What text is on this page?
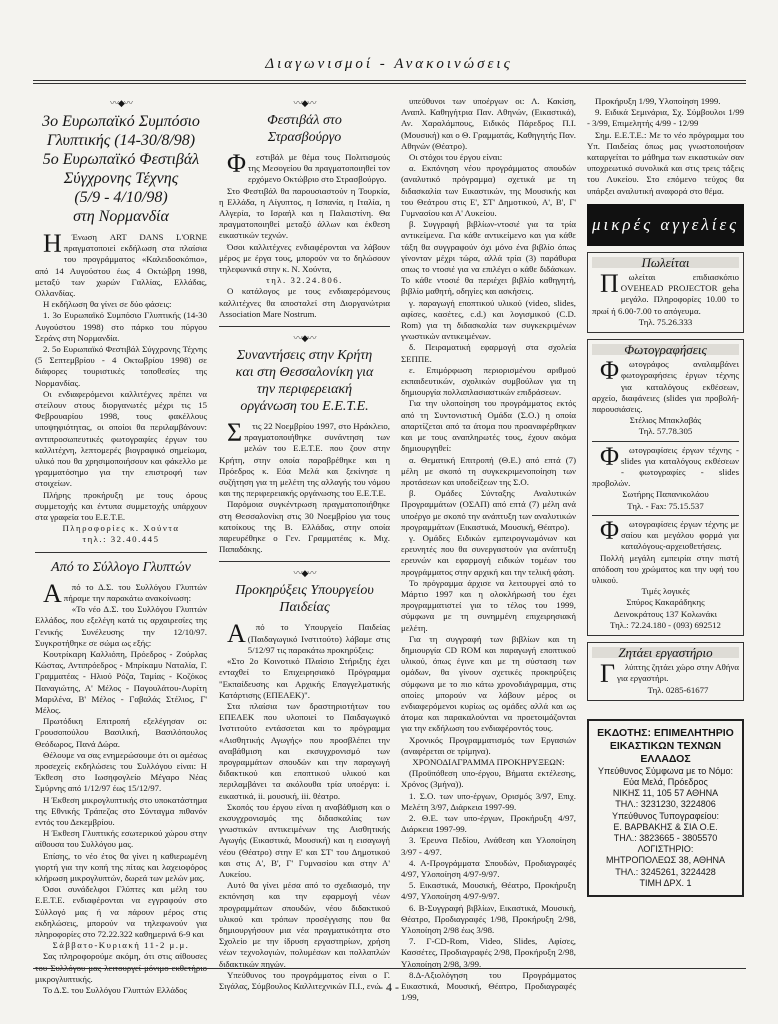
Διαγωνισμοί - Ανακοινώσεις
〰◆〰
3ο Ευρωπαϊκό Συμπόσιο
Γλυπτικής (14-30/8/98)
5ο Ευρωπαϊκό Φεστιβάλ
Σύγχρονης Τέχνης
(5/9 - 4/10/98)
στη Νορμανδία

ΗΈνωση ART DANS L'ORNE πραγματοποιεί εκδήλωση στα πλαίσια του προγράμματος «Καλειδοσκόπιο», από 14 Αυγούστου έως 4 Οκτώβρη 1998, μεταξύ των χωρών Γαλλίας, Ελλάδας, Ολλανδίας.

Η εκδήλωση θα γίνει σε δύο φάσεις:

1. 3ο Ευρωπαϊκό Συμπόσιο Γλυπτικής (14-30 Αυγούστου 1998) στο πάρκο του πύργου Σεράνς στη Νορμανδία.

2. 5ο Ευρωπαϊκό Φεστιβάλ Σύγχρονης Τέχνης (5 Σεπτεμβρίου - 4 Οκτωβρίου 1998) σε διάφορες τουριστικές τοποθεσίες της Νορμανδίας.

Οι ενδιαφερόμενοι καλλιτέχνες πρέπει να στείλουν στους διοργανωτές μέχρι τις 15 Φεβρουαρίου 1998, τους φακέλλους υποψηφιότητας, οι οποίοι θα περιλαμβάνουν: αντιπροσωπευτικές φωτογραφίες έργων του καλλιτέχνη, λεπτομερές βιογραφικό σημείωμα, υλικό που θα χρησιμοποιήσουν και φάκελλο με γραμματόσημο για την επιστροφή των στοιχείων.

Πλήρης προκήρυξη με τους όρους συμμετοχής και έντυπα συμμετοχής υπάρχουν στα γραφεία του Ε.Ε.Τ.Ε.

Πληροφορίες κ. Χούντα

τηλ.: 32.40.445

Από το Σύλλογο Γλυπτών

Από το Δ.Σ. του Συλλόγου Γλυπτών πήραμε την παρακάτω ανακοίνωση:

«Το νέο Δ.Σ. του Συλλόγου Γλυπτών Ελλάδος, που εξελέγη κατά τις αρχαιρεσίες της Γενικής Συνέλευσης την 12/10/97. Συγκροτήθηκε σε σώμα ως εξής:

Κουτρίκαρη Καλλιόπη, Πρόεδρος - Ζούρλας Κώστας, Αντιπρόεδρος - Μπρίκαμυ Ναταλία, Γ. Γραμματέας - Ηλιού Ρόζα, Ταμίας - Κοζόκος Παναγιώτης, Α' Μέλος - Παγουλάτου-Λυρίτη Μαριλένα, Β' Μέλος - Γαβαλάς Στέλιος, Γ' Μέλος.

Πρωτόδικη Επιτροπή εξελέγησαν οι: Γρουσοπούλου Βασιλική, Βασιλόπουλος Θεόδωρος, Πανά Δώρα.

Θέλουμε να σας ενημερώσουμε ότι οι αμέσως προσεχείς εκδηλώσεις του Συλλόγου είναι: Η Έκθεση στο Ιωσηφογλείο Μέγαρο Νέας Σμύρνης από 1/12/97 έως 15/12/97.

Η Έκθεση μικρογλυπτικής στο υποκατάστημα της Εθνικής Τράπεζας στο Σύνταγμα πιθανόν εντός του Δεκεμβρίου.

Η Έκθεση Γλυπτικής εσωτερικού χώρου στην αίθουσα του Συλλόγου μας.

Επίσης, το νέο έτος θα γίνει η καθιερωμένη γιορτή για την κοπή της πίτας και λαχειοφόρος κλήρωση μικρογλυπτών, δωρεά των μελών μας.

Όσοι συνάδελφοι Γλύπτες και μέλη του Ε.Ε.Τ.Ε. ενδιαφέρονται να εγγραφούν στο Σύλλογό μας ή να πάρουν μέρος στις εκδηλώσεις, μπορούν να τηλεφωνούν για πληροφορίες στο 72.22.322 καθημερινά 6-9 και

Σάββατο-Κυριακή 11-2 μ.μ.

Σας πληροφορούμε ακόμη, ότι στις αίθουσες του Συλλόγου μας λειτουργεί μόνιμο εκθετήριο μικρογλυπτικής.

Το Δ.Σ. του Συλλόγου Γλυπτών Ελλάδος

〰◆〰
Φεστιβάλ στο
Στρασβούργο

Φεστιβάλ με θέμα τους Πολιτισμούς της Μεσογείου θα πραγματοποιηθεί τον ερχόμενο Οκτώβριο στο Στρασβούργο.

Στο Φεστιβάλ θα παρουσιαστούν η Τουρκία, η Ελλάδα, η Αίγυπτος, η Ισπανία, η Ιταλία, η Αλγερία, το Ισραήλ και η Παλαιστίνη. Θα πραγματοποιηθεί μεταξύ άλλων και έκθεση εικαστικών τεχνών.

Όσοι καλλιτέχνες ενδιαφέρονται να λάβουν μέρος με έργα τους, μπορούν να το δηλώσουν τηλεφωνικά στην κ. Ν. Χούντα,

τηλ. 32.24.806.

Ο κατάλογος με τους ενδιαφερόμενους καλλιτέχνες θα αποσταλεί στη Διοργανώτρια Association Mare Nostrum.

〰◆〰
Συναντήσεις στην Κρήτη
και στη Θεσσαλονίκη για
την περιφερειακή
οργάνωση του Ε.Ε.Τ.Ε.

Στις 22 Νοεμβρίου 1997, στο Ηράκλειο, πραγματοποιήθηκε συνάντηση των μελών του Ε.Ε.Τ.Ε. που ζουν στην Κρήτη, στην οποία παραβρέθηκε και η Πρόεδρος κ. Εύα Μελά και ξεκίνησε η συζήτηση για τη μελέτη της αλλαγής του νόμου και της περιφερειακής οργάνωσης του Ε.Ε.Τ.Ε.

Παρόμοια συγκέντρωση πραγματοποιήθηκε στη Θεσσαλονίκη στις 30 Νοεμβρίου για τους κατοίκους της Β. Ελλάδας, στην οποία παρευρέθηκε ο Γεν. Γραμματέας κ. Μιχ. Παπαδάκης.

〰◆〰
Προκηρύξεις Υπουργείου
Παιδείας

Από το Υπουργείο Παιδείας (Παιδαγωγικό Ινστιτούτο) λάβαμε στις 5/12/97 τις παρακάτω προκηρύξεις:

«Στο 2ο Κοινοτικό Πλαίσιο Στήριξης έχει ενταχθεί το Επιχειρησιακό Πρόγραμμα "Εκπαίδευσης και Αρχικής Επαγγελματικής Κατάρτισης (ΕΠΕΑΕΚ)".

Στα πλαίσια των δραστηριοτήτων του ΕΠΕΑΕΚ που υλοποιεί το Παιδαγωγικό Ινστιτούτο εντάσσεται και το πρόγραμμα «Αισθητικής Αγωγής» που προσβλέπει την αναβάθμιση και εκσυγχρονισμό των προγραμμάτων σπουδών και την παραγωγή διδακτικού και εποπτικού υλικού και περιλαμβάνει τα ακόλουθα τρία υποέργα: i. εικαστικά, ii. μουσική, iii. θέατρο.

Σκοπός του έργου είναι η αναβάθμιση και ο εκσυγχρονισμός της διδασκαλίας των γνωστικών αντικειμένων της Αισθητικής Αγωγής (Εικαστικά, Μουσική) και η εισαγωγή νέου (Θέατρο) στην Ε' και ΣΤ' του Δημοτικού και στις Α', Β', Γ' Γυμνασίου και στην Α' Λυκείου.

Αυτό θα γίνει μέσα από το σχεδιασμό, την εκπόνηση και την εφαρμογή νέων προγραμμάτων σπουδών, νέου διδακτικού υλικού και τρόπων προσέγγισης που θα δημιουργήσουν μια νέα πραγματικότητα στο Σχολείο με την ίδρυση εργαστηρίων, χρήση νέων τεχνολογιών, πολυμέσων και πολλαπλών διδακτικών πηγών.

Υπεύθυνος του προγράμματος είναι ο Γ. Σιγάλας, Σύμβουλος Καλλιτεχνικών Π.Ι., ενώ

υπεύθυνοι των υποέργων οι: Λ. Κακίση, Αναπλ. Καθηγήτρια Παν. Αθηνών, (Εικαστικά), Αν. Χαραλάμπους, Ειδικός Πάρεδρος Π.Ι. (Μουσική) και ο Θ. Γραμματάς, Καθηγητής Παν. Αθηνών (Θέατρο).

Οι στόχοι του έργου είναι:

α. Εκπόνηση νέου προγράμματος σπουδών (αναλυτικό πρόγραμμα) σχετικά με τη διδασκαλία των Εικαστικών, της Μουσικής και του Θεάτρου στις Ε', ΣΤ' Δημοτικού, Α', Β', Γ' Γυμνασίου και Α' Λυκείου.

β. Συγγραφή βιβλίων-ντοσιέ για τα τρία αντικείμενα. Για κάθε αντικείμενο και για κάθε τάξη θα συγγραφούν όχι μόνο ένα βιβλίο όπως γίνονταν μέχρι τώρα, αλλά τρία (3) παράθυρα οπως το ντοσιέ για να επιλέγει ο κάθε διδάσκων. Το κάθε ντοσιέ θα περιέχει βιβλίο καθηγητή, βιβλίο μαθητή, οδηγίες και ασκήσεις.

γ. παραγωγή εποπτικού υλικού (video, slides, αφίσες, κασέτες, c.d.) και λογισμικού (C.D. Rom) για τη διδασκαλία των συγκεκριμένων γνωστικών αντικειμένων.

δ. Πειραματική εφαρμογή στα σχολεία ΣΕΠΠΕ.

ε. Επιμόρφωση περιορισμένου αριθμού εκπαιδευτικών, σχολικών συμβούλων για τη δημιουργία πολλαπλασιαστικών επιδράσεων.

Για την υλοποίηση του προγράμματος εκτός από τη Συντονιστική Ομάδα (Σ.Ο.) η οποία απαρτίζεται από τα άτομα που προαναφέρθηκαν και με τους αναπληρωτές τους, έχουν ακόμα δημιουργηθεί:

α. Θεματική Επιτροπή (Θ.Ε.) από επτά (7) μέλη με σκοπό τη συγκεκριμενοποίηση των προτάσεων και υποδείξεων της Σ.Ο.

β. Ομάδες Σύνταξης Αναλυτικών Προγραμμάτων (ΟΣΑΠ) από επτά (7) μέλη ανά υποέργο με σκοπό την ανάπτυξη των αναλυτικών προγραμμάτων (Εικαστικά, Μουσική, Θέατρο).

γ. Ομάδες Ειδικών εμπειρογνωμόνων και ερευνητές που θα συνεργαστούν για ανάπτυξη ερευνών και εφαρμογή ειδικών τομέων του προγράμματος στην αρχική και την τελική φάση.

Το πρόγραμμα άρχισε να λειτουργεί από το Μάρτιο 1997 και η ολοκλήρωσή του έχει προγραμματιστεί για το τέλος του 1999, σύμφωνα με τη συνημμένη επιχειρησιακή μελέτη.

Για τη συγγραφή των βιβλίων και τη δημιουργία CD ROM και παραγωγή εποπτικού υλικού, όπως έγινε και με τη σύσταση των ομάδων, θα γίνουν σχετικές προκηρύξεις σύμφωνα με το πιο κάτω χρονοδιάγραμμα, στις οποίες μπορούν να λάβουν μέρος οι ενδιαφερόμενοι κυρίως ως ομάδες αλλά και ως άτομα και παρακαλούνται να προετοιμάζονται για την εκδήλωση του ενδιαφέροντός τους.

Χρονικός Προγραμματισμός των Εργασιών (αναφέρεται σε τρίμηνα).

ΧΡΟΝΟΔΙΑΓΡΑΜΜΑ ΠΡΟΚΗΡΥΞΕΩΝ:

(Προϋπόθεση υπο-έργου, Βήματα εκτέλεσης, Χρόνος (3μήνα)).

1. Σ.Ο. των υπο-έργων, Ορισμός 3/97, Επιχ. Μελέτη 3/97, Διάρκεια 1997-99.

2. Θ.Ε. των υπο-έργων, Προκήρυξη 4/97, Διάρκεια 1997-99.

3. Έρευνα Πεδίου, Ανάθεση και Υλοποίηση 3/97 - 4/97.

4. Α-Προγράμματα Σπουδών, Προδιαγραφές 4/97, Υλοποίηση 4/97-9/97.

5. Εικαστικά, Μουσική, Θέατρο, Προκήρυξη 4/97, Υλοποίηση 4/97-9/97.

6. Β-Συγγραφή βιβλίων, Εικαστικά, Μουσική, Θέατρο, Προδιαγραφές 1/98, Προκήρυξη 2/98, Υλοποίηση 2/98 έως 3/98.

7. Γ-CD-Rom, Video, Slides, Αφίσες, Κασσέτες, Προδιαγραφές 2/98, Προκήρυξη 2/98, Υλοποίηση 2/98, 3/99.

8.Δ-Αξιολόγηση του Προγράμματος Εικαστικά, Μουσική, Θέατρο, Προδιαγραφές 1/99,

Προκήρυξη 1/99, Υλοποίηση 1999.

9. Ειδικά Σεμινάρια, Σχ. Σύμβουλοι 1/99 - 3/99, Επιμελητής 4/99 - 12/99

Σημ. Ε.Ε.Τ.Ε.: Με το νέο πρόγραμμα του Υπ. Παιδείας όπως μας γνωστοποιήσαν καταργείται το μάθημα των εικαστικών σαν υποχρεωτικό συνολικά και στις τρεις τάξεις του Λυκείου. Στο επόμενο τεύχος θα υπάρξει αναλυτική αναφορά στο θέμα.

μικρές αγγελίες
Πωλείται

Πωλείται επιδιασκόπιο OVEHEAD PROJECTOR geha μεγάλο. Πληροφορίες 10.00 το πρωί ή 6.00-7.00 το απόγευμα.

Τηλ. 75.26.333

Φωτογραφήσεις

Φωτογράφος αναλαμβάνει φωτογραφήσεις έργων τέχνης για καταλόγους εκθέσεων, αρχείο, διαφάνειες (slides για προβολή-παρουσιάσεις.

Στέλιος Μπακλαβάς

Τηλ. 57.78.305

Φωτογραφίσεις έργων τέχνης - slides για καταλόγους εκθέσεων - φωτογραφίες - slides προβολών.

Σωτήρης Παπανικολάου

Τηλ. - Fax: 75.15.537

Φωτογραφίσεις έργων τέχνης με σαίου και μεγάλου φορμά για καταλόγους-αρχειοθετήσεις.

Πολλή μεγάλη εμπειρία στην πιστή απόδοση του χρώματος και την υφή του υλικού.

Τιμές λογικές

Σπύρος Κακαράδηκης

Δεινοκράτους 137 Κολωνάκι

Τηλ.: 72.24.180 - (093) 692512

Ζητάει εργαστήριο

Γλύπτης ζητάει χώρο στην Αθήνα για εργαστήρι.

Τηλ. 0285-61677

ΕΚΔΟΤΗΣ: ΕΠΙΜΕΛΗΤΗΡΙΟ
ΕΙΚΑΣΤΙΚΩΝ ΤΕΧΝΩΝ
ΕΛΛΑΔΟΣ
Υπεύθυνος Σύμφωνα με το Νόμο:
Εύα Μελά, Πρόεδρος
ΝΙΚΗΣ 11, 105 57 ΑΘΗΝΑ
ΤΗΛ.: 3231230, 3224806
Υπεύθυνος Τυπογραφείου:
Ε. ΒΑΡΒΑΚΗΣ & ΣΙΑ Ο.Ε.
ΤΗΛ.: 3823665 - 3805570
ΛΟΓΙΣΤΗΡΙΟ:
ΜΗΤΡΟΠΟΛΕΩΣ 38, ΑΘΗΝΑ
ΤΗΛ.: 3245261, 3224428
ΤΙΜΗ ΔΡΧ. 1
- 4 -
